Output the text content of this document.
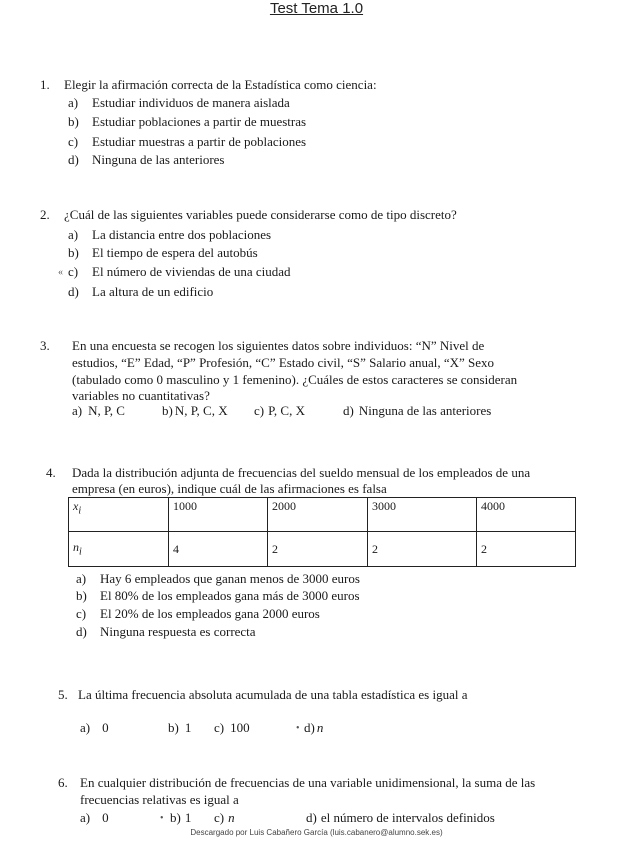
Test Tema 1.0
1. Elegir la afirmación correcta de la Estadística como ciencia:
a) Estudiar individuos de manera aislada
b) Estudiar poblaciones a partir de muestras
c) Estudiar muestras a partir de poblaciones
d) Ninguna de las anteriores
2. ¿Cuál de las siguientes variables puede considerarse como de tipo discreto?
a) La distancia entre dos poblaciones
b) El tiempo de espera del autobús
« c) El número de viviendas de una ciudad
d) La altura de un edificio
3. En una encuesta se recogen los siguientes datos sobre individuos: “N” Nivel de
estudios, “E” Edad, “P” Profesión, “C” Estado civil, “S” Salario anual, “X” Sexo
(tabulado como 0 masculino y 1 femenino). ¿Cuáles de estos caracteres se consideran
variables no cuantitativas?
a) N, P, C	b) N, P, C, X c) P, C, X	d) Ninguna de las anteriores
4. Dada la distribución adjunta de frecuencias del sueldo mensual de los empleados de una
empresa (en euros), indique cuál de las afirmaciones es falsa
$x_i$	1000	2000	3000	4000
$n_i$	4	2	2	2
a) Hay 6 empleados que ganan menos de 3000 euros
b) El 80% de los empleados gana más de 3000 euros
c) El 20% de los empleados gana 2000 euros
d) Ninguna respuesta es correcta
5. La última frecuencia absoluta acumulada de una tabla estadística es igual a
a) 0	b) 1 c) 100	• d) n
6. En cualquier distribución de frecuencias de una variable unidimensional, la suma de las
frecuencias relativas es igual a
a) 0	• b) 1 c) n	d) el número de intervalos definidos
Descargado por Luis Cabañero García (luis.cabanero@alumno.sek.es)
